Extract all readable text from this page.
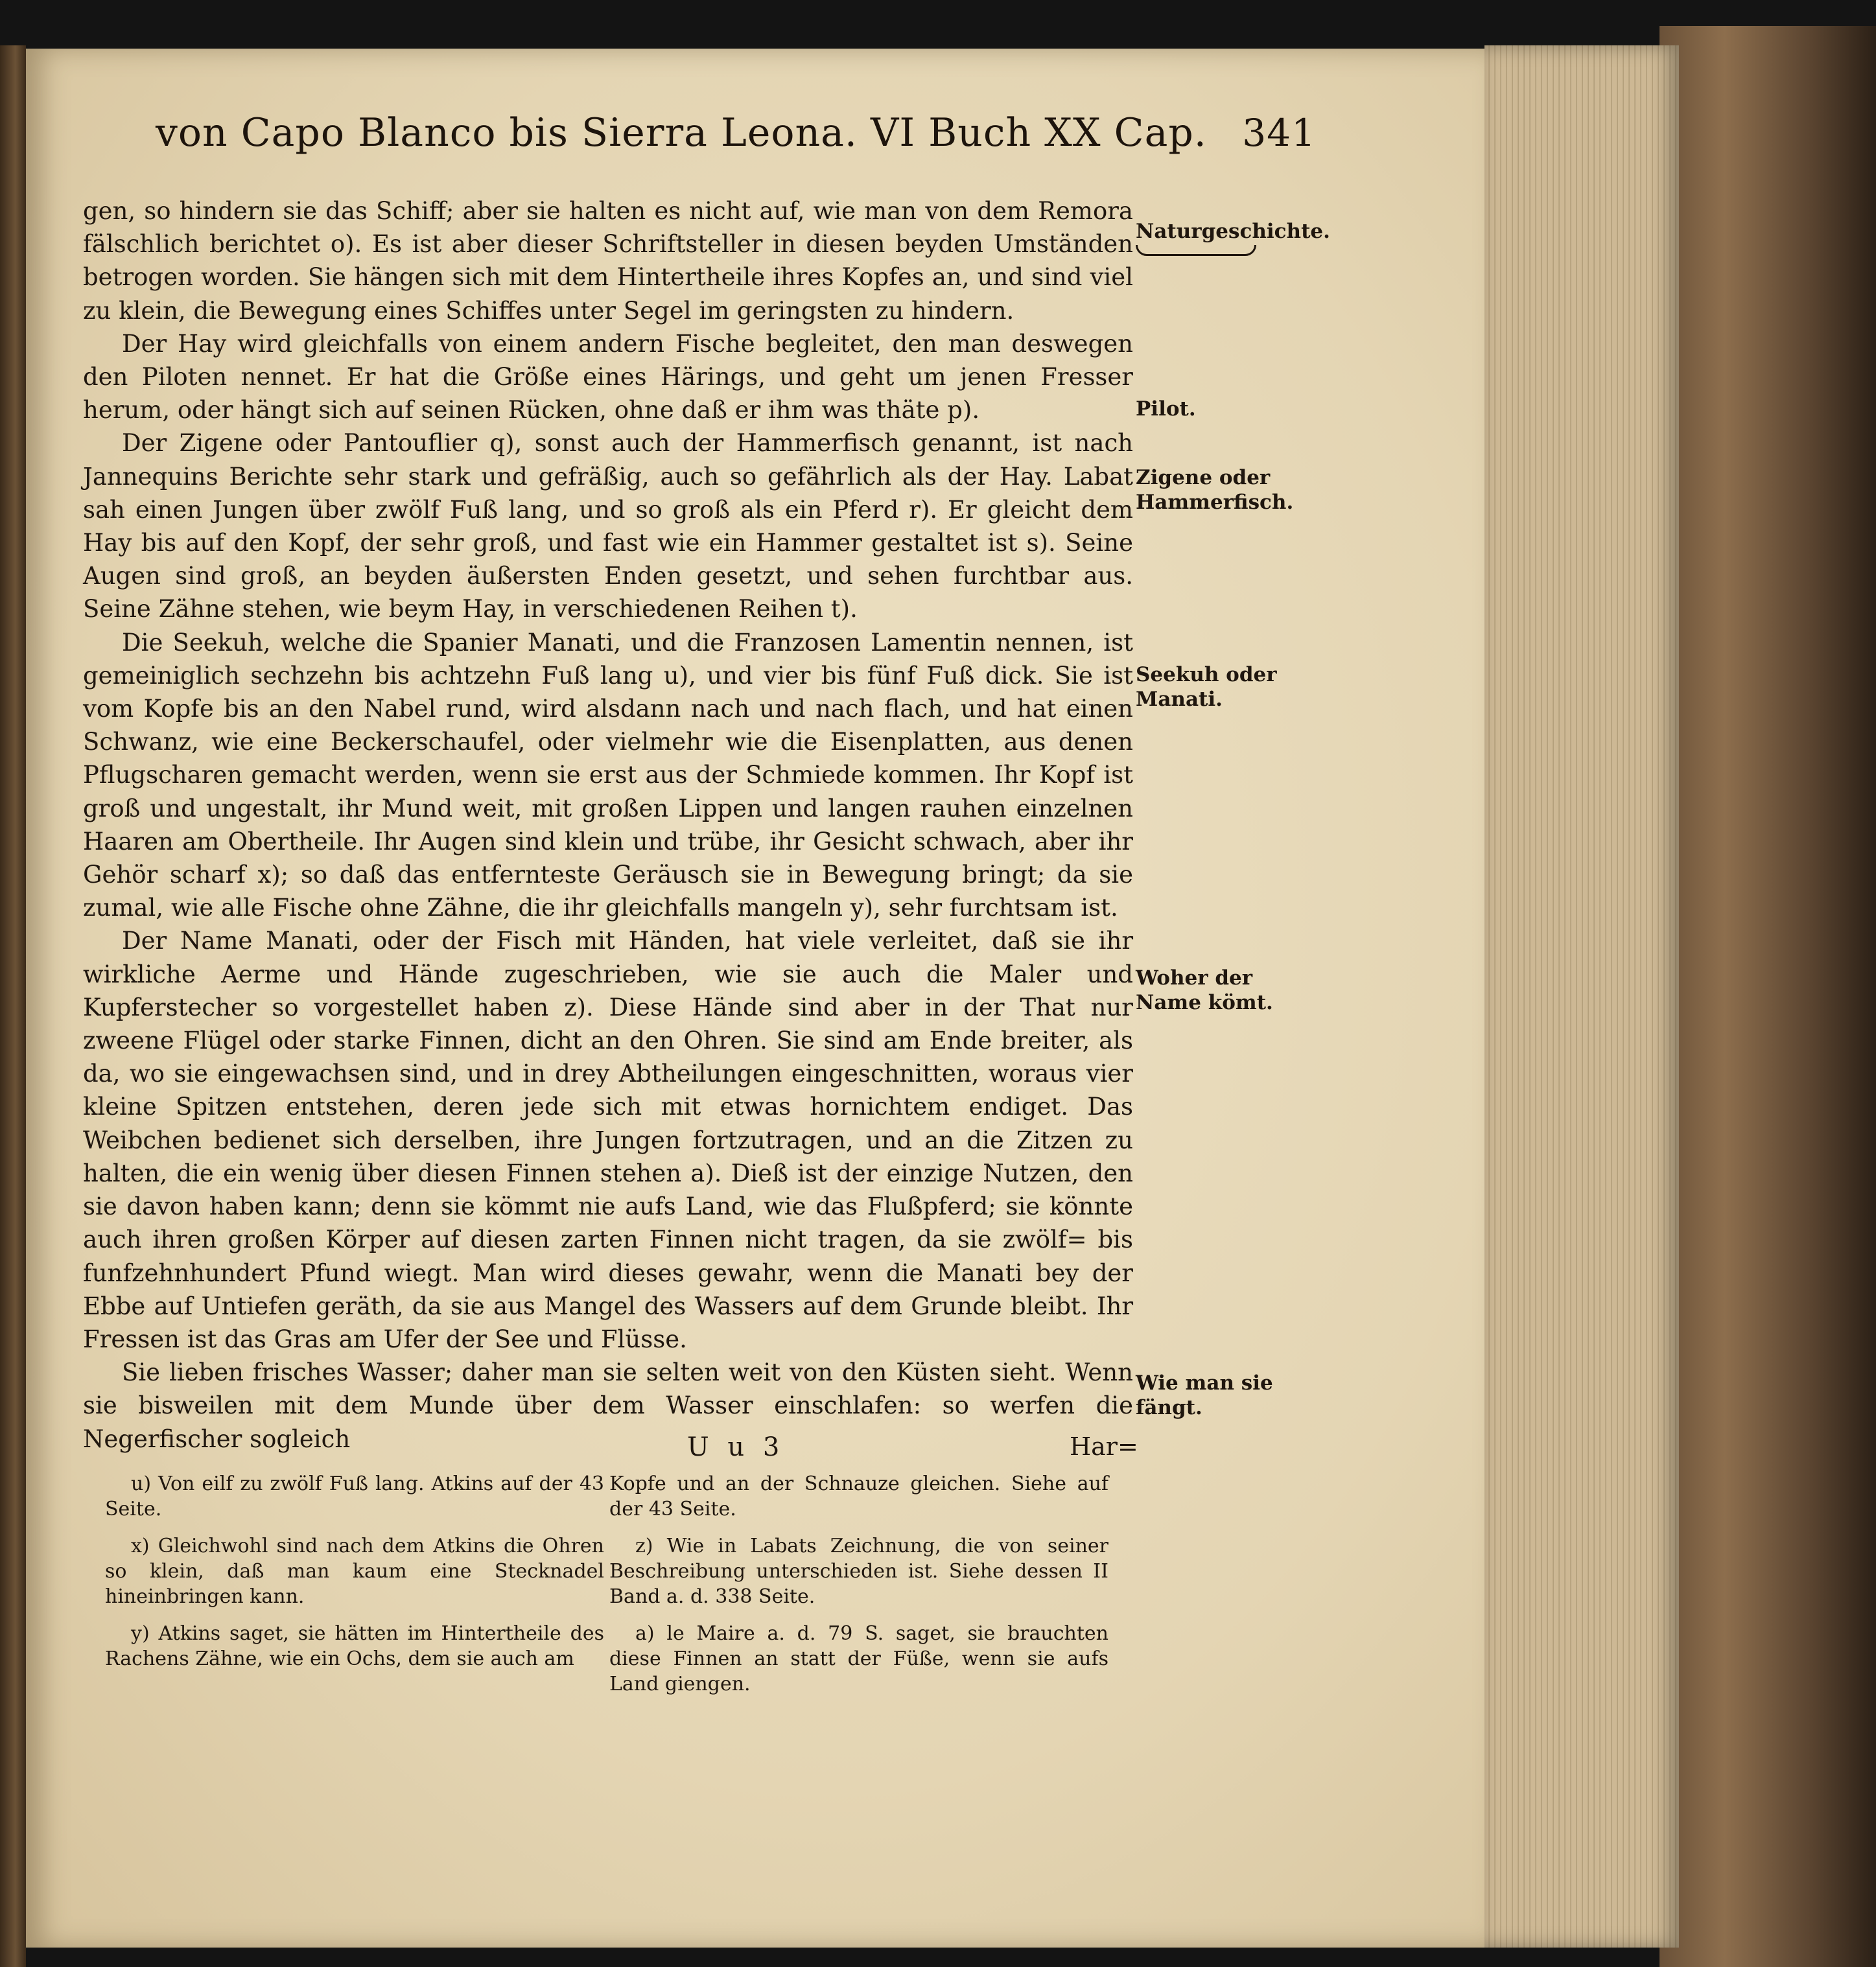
von Capo Blanco bis Sierra Leona. VI Buch XX Cap. 341

gen, so hindern sie das Schiff; aber sie halten es nicht auf, wie man von dem Remora fälschlich berichtet o). Es ist aber dieser Schriftsteller in diesen beyden Umständen betrogen worden. Sie hängen sich mit dem Hintertheile ihres Kopfes an, und sind viel zu klein, die Bewegung eines Schiffes unter Segel im geringsten zu hindern.

Der Hay wird gleichfalls von einem andern Fische begleitet, den man deswegen den Piloten nennet. Er hat die Größe eines Härings, und geht um jenen Fresser herum, oder hängt sich auf seinen Rücken, ohne daß er ihm was thäte p).

Der Zigene oder Pantouflier q), sonst auch der Hammerfisch genannt, ist nach Jannequins Berichte sehr stark und gefräßig, auch so gefährlich als der Hay. Labat sah einen Jungen über zwölf Fuß lang, und so groß als ein Pferd r). Er gleicht dem Hay bis auf den Kopf, der sehr groß, und fast wie ein Hammer gestaltet ist s). Seine Augen sind groß, an beyden äußersten Enden gesetzt, und sehen furchtbar aus. Seine Zähne stehen, wie beym Hay, in verschiedenen Reihen t).

Die Seekuh, welche die Spanier Manati, und die Franzosen Lamentin nennen, ist gemeiniglich sechzehn bis achtzehn Fuß lang u), und vier bis fünf Fuß dick. Sie ist vom Kopfe bis an den Nabel rund, wird alsdann nach und nach flach, und hat einen Schwanz, wie eine Beckerschaufel, oder vielmehr wie die Eisenplatten, aus denen Pflugscharen gemacht werden, wenn sie erst aus der Schmiede kommen. Ihr Kopf ist groß und ungestalt, ihr Mund weit, mit großen Lippen und langen rauhen einzelnen Haaren am Obertheile. Ihr Augen sind klein und trübe, ihr Gesicht schwach, aber ihr Gehör scharf x); so daß das entfernteste Geräusch sie in Bewegung bringt; da sie zumal, wie alle Fische ohne Zähne, die ihr gleichfalls mangeln y), sehr furchtsam ist.

Der Name Manati, oder der Fisch mit Händen, hat viele verleitet, daß sie ihr wirkliche Aerme und Hände zugeschrieben, wie sie auch die Maler und Kupferstecher so vorgestellet haben z). Diese Hände sind aber in der That nur zweene Flügel oder starke Finnen, dicht an den Ohren. Sie sind am Ende breiter, als da, wo sie eingewachsen sind, und in drey Abtheilungen eingeschnitten, woraus vier kleine Spitzen entstehen, deren jede sich mit etwas hornichtem endiget. Das Weibchen bedienet sich derselben, ihre Jungen fortzutragen, und an die Zitzen zu halten, die ein wenig über diesen Finnen stehen a). Dieß ist der einzige Nutzen, den sie davon haben kann; denn sie kömmt nie aufs Land, wie das Flußpferd; sie könnte auch ihren großen Körper auf diesen zarten Finnen nicht tragen, da sie zwölf= bis funfzehnhundert Pfund wiegt. Man wird dieses gewahr, wenn die Manati bey der Ebbe auf Untiefen geräth, da sie aus Mangel des Wassers auf dem Grunde bleibt. Ihr Fressen ist das Gras am Ufer der See und Flüsse.

Sie lieben frisches Wasser; daher man sie selten weit von den Küsten sieht. Wenn sie bisweilen mit dem Munde über dem Wasser einschlafen: so werfen die Negerfischer sogleich

Naturgeschichte.
Pilot.
Zigene oder Hammerfisch.
Seekuh oder Manati.
Woher der Name kömt.
Wie man sie fängt.
U u 3	Har=

u) Von eilf zu zwölf Fuß lang. Atkins auf der 43 Seite.

x) Gleichwohl sind nach dem Atkins die Ohren so klein, daß man kaum eine Stecknadel hineinbringen kann.

y) Atkins saget, sie hätten im Hintertheile des Rachens Zähne, wie ein Ochs, dem sie auch am

Kopfe und an der Schnauze gleichen. Siehe auf der 43 Seite.

z) Wie in Labats Zeichnung, die von seiner Beschreibung unterschieden ist. Siehe dessen II Band a. d. 338 Seite.

a) le Maire a. d. 79 S. saget, sie brauchten diese Finnen an statt der Füße, wenn sie aufs Land giengen.
